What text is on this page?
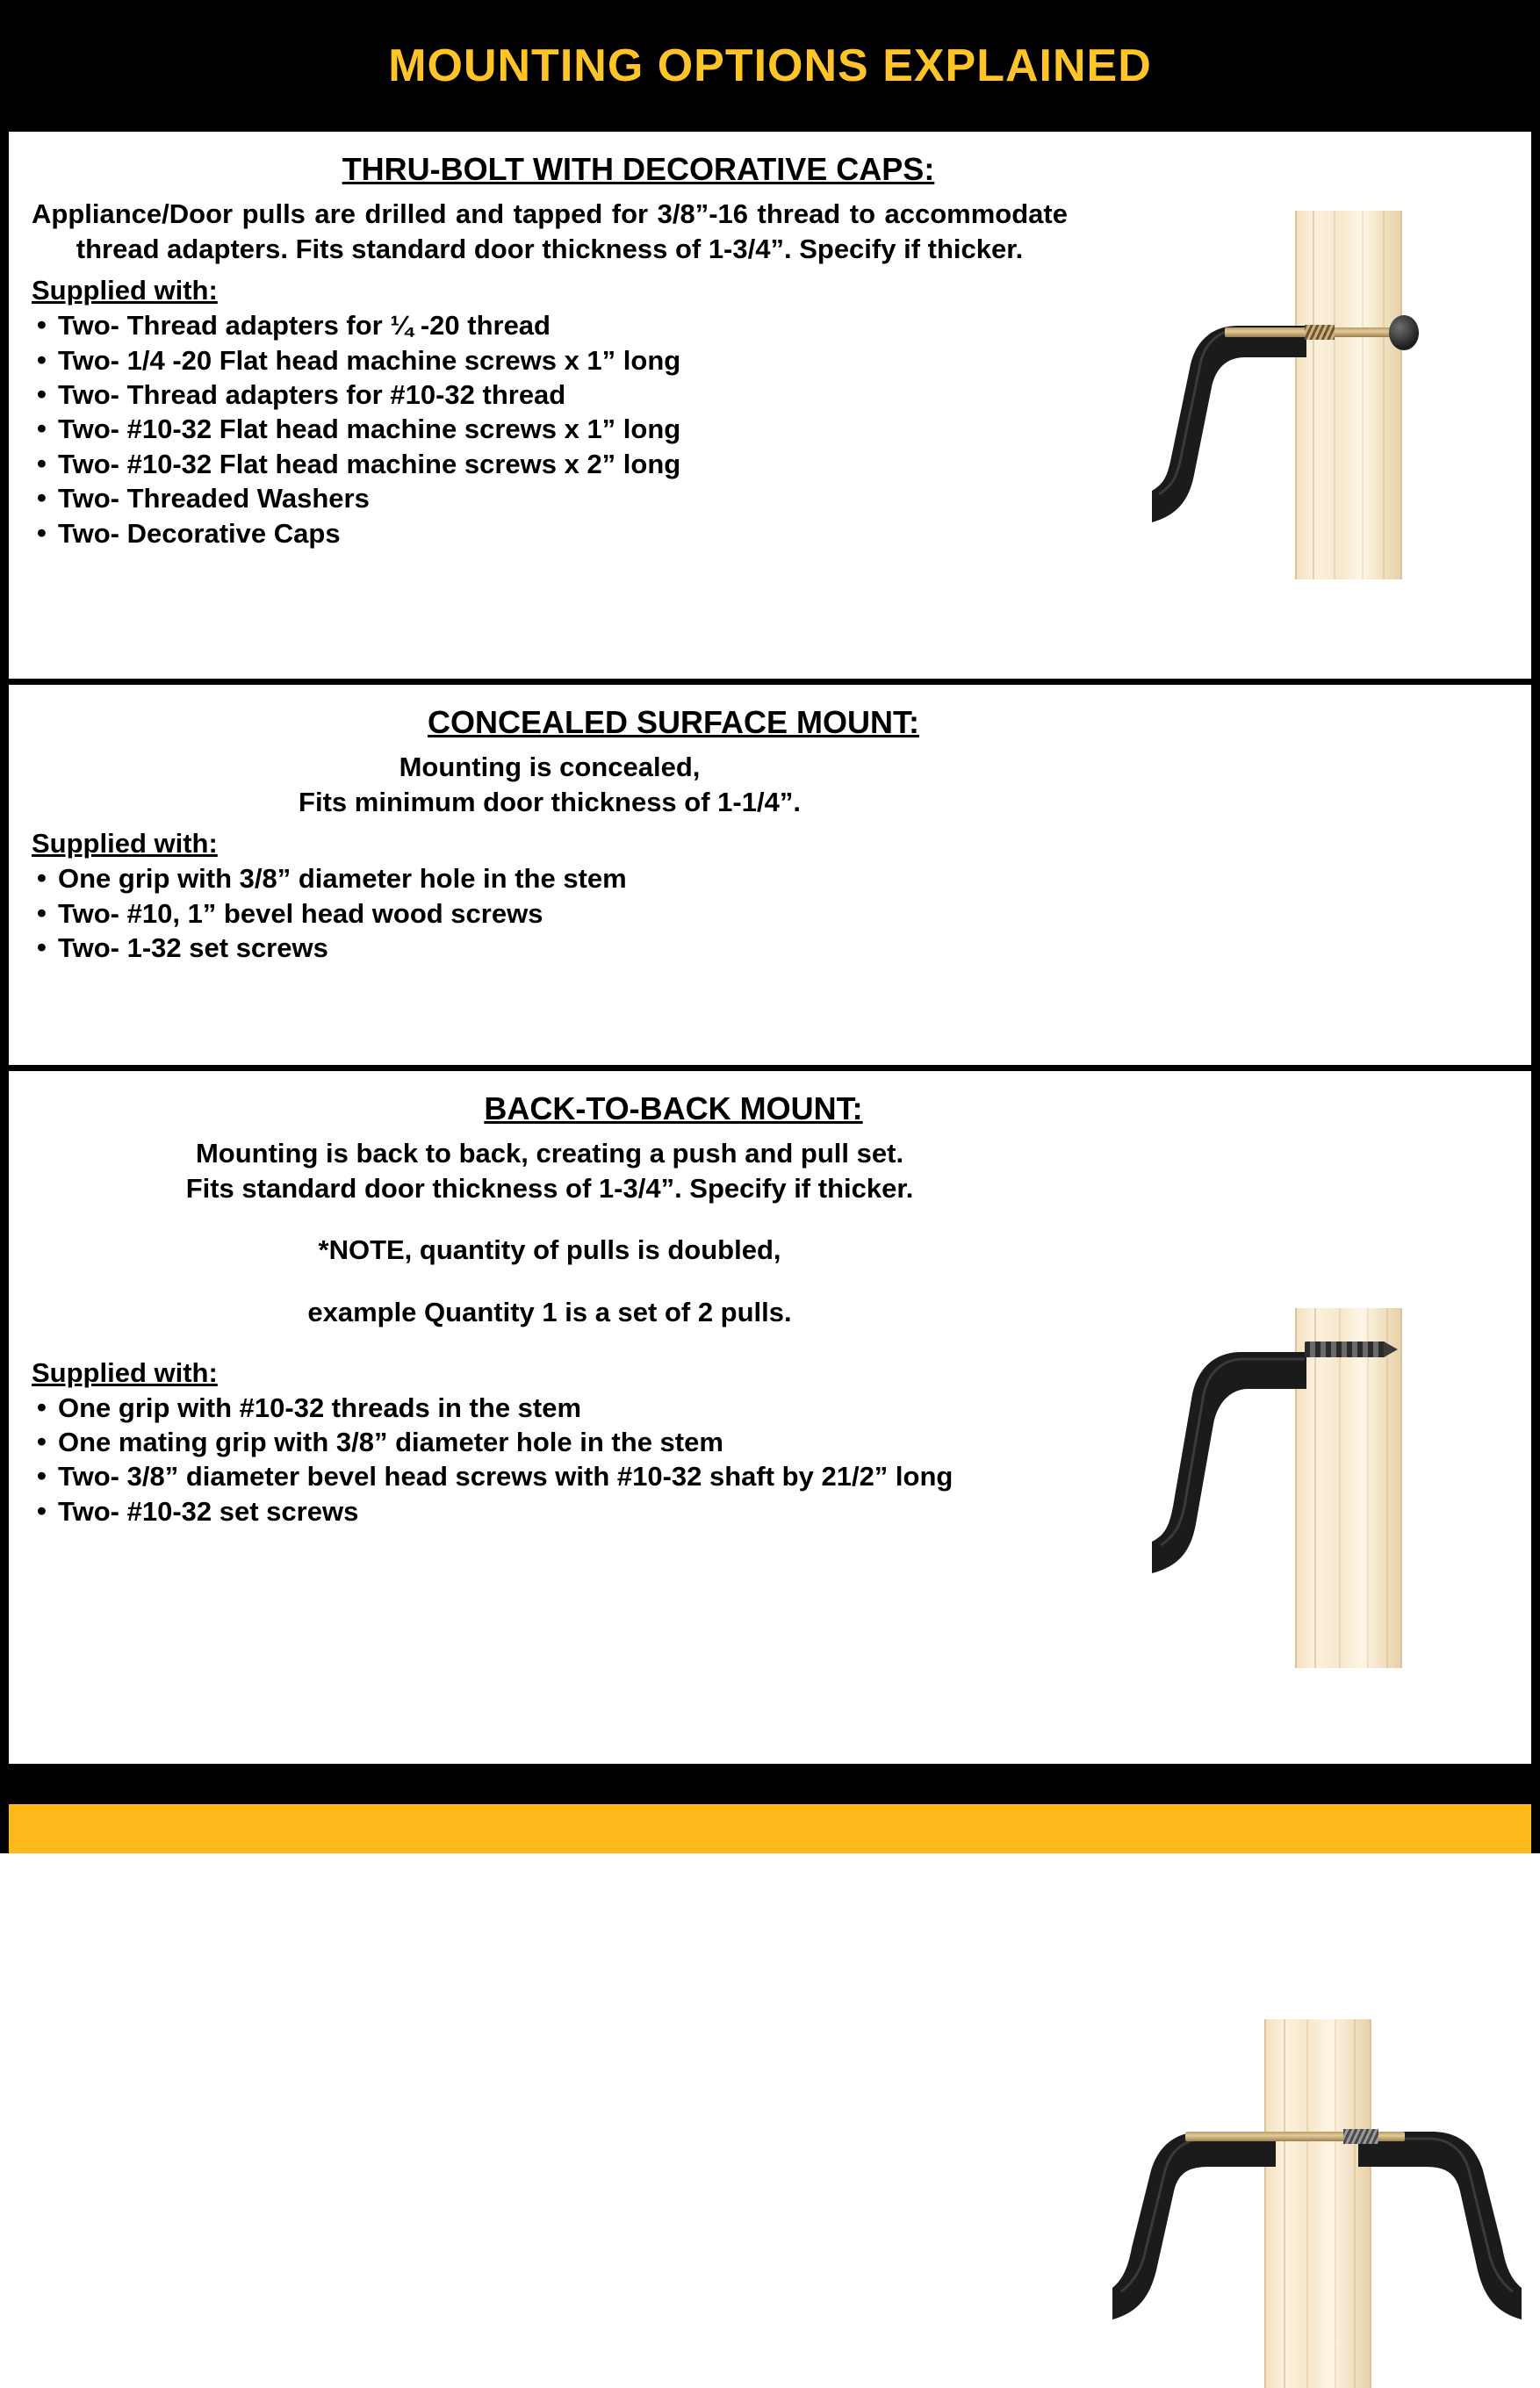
MOUNTING OPTIONS EXPLAINED
THRU-BOLT WITH DECORATIVE CAPS:

Appliance/Door pulls are drilled and tapped for 3/8”-16 thread to accommodate thread adapters. Fits standard door thickness of 1-3/4”. Specify if thicker.

Supplied with:
• Two- Thread adapters for ¼ -20 thread
• Two- 1/4 -20 Flat head machine screws x 1” long
• Two- Thread adapters for #10-32 thread
• Two- #10-32 Flat head machine screws x 1” long
• Two- #10-32 Flat head machine screws x 2” long
• Two- Threaded Washers
• Two- Decorative Caps
CONCEALED SURFACE MOUNT:

Mounting is concealed,

Fits minimum door thickness of 1-1/4”.

Supplied with:
• One grip with 3/8” diameter hole in the stem
• Two- #10, 1” bevel head wood screws
• Two- 1-32 set screws
BACK-TO-BACK MOUNT:

Mounting is back to back, creating a push and pull set.

Fits standard door thickness of 1-3/4”. Specify if thicker.

*NOTE, quantity of pulls is doubled,

example Quantity 1 is a set of 2 pulls.

Supplied with:
• One grip with #10-32 threads in the stem
• One mating grip with 3/8” diameter hole in the stem
• Two- 3/8” diameter bevel head screws with #10-32 shaft by 21/2” long
• Two- #10-32 set screws
